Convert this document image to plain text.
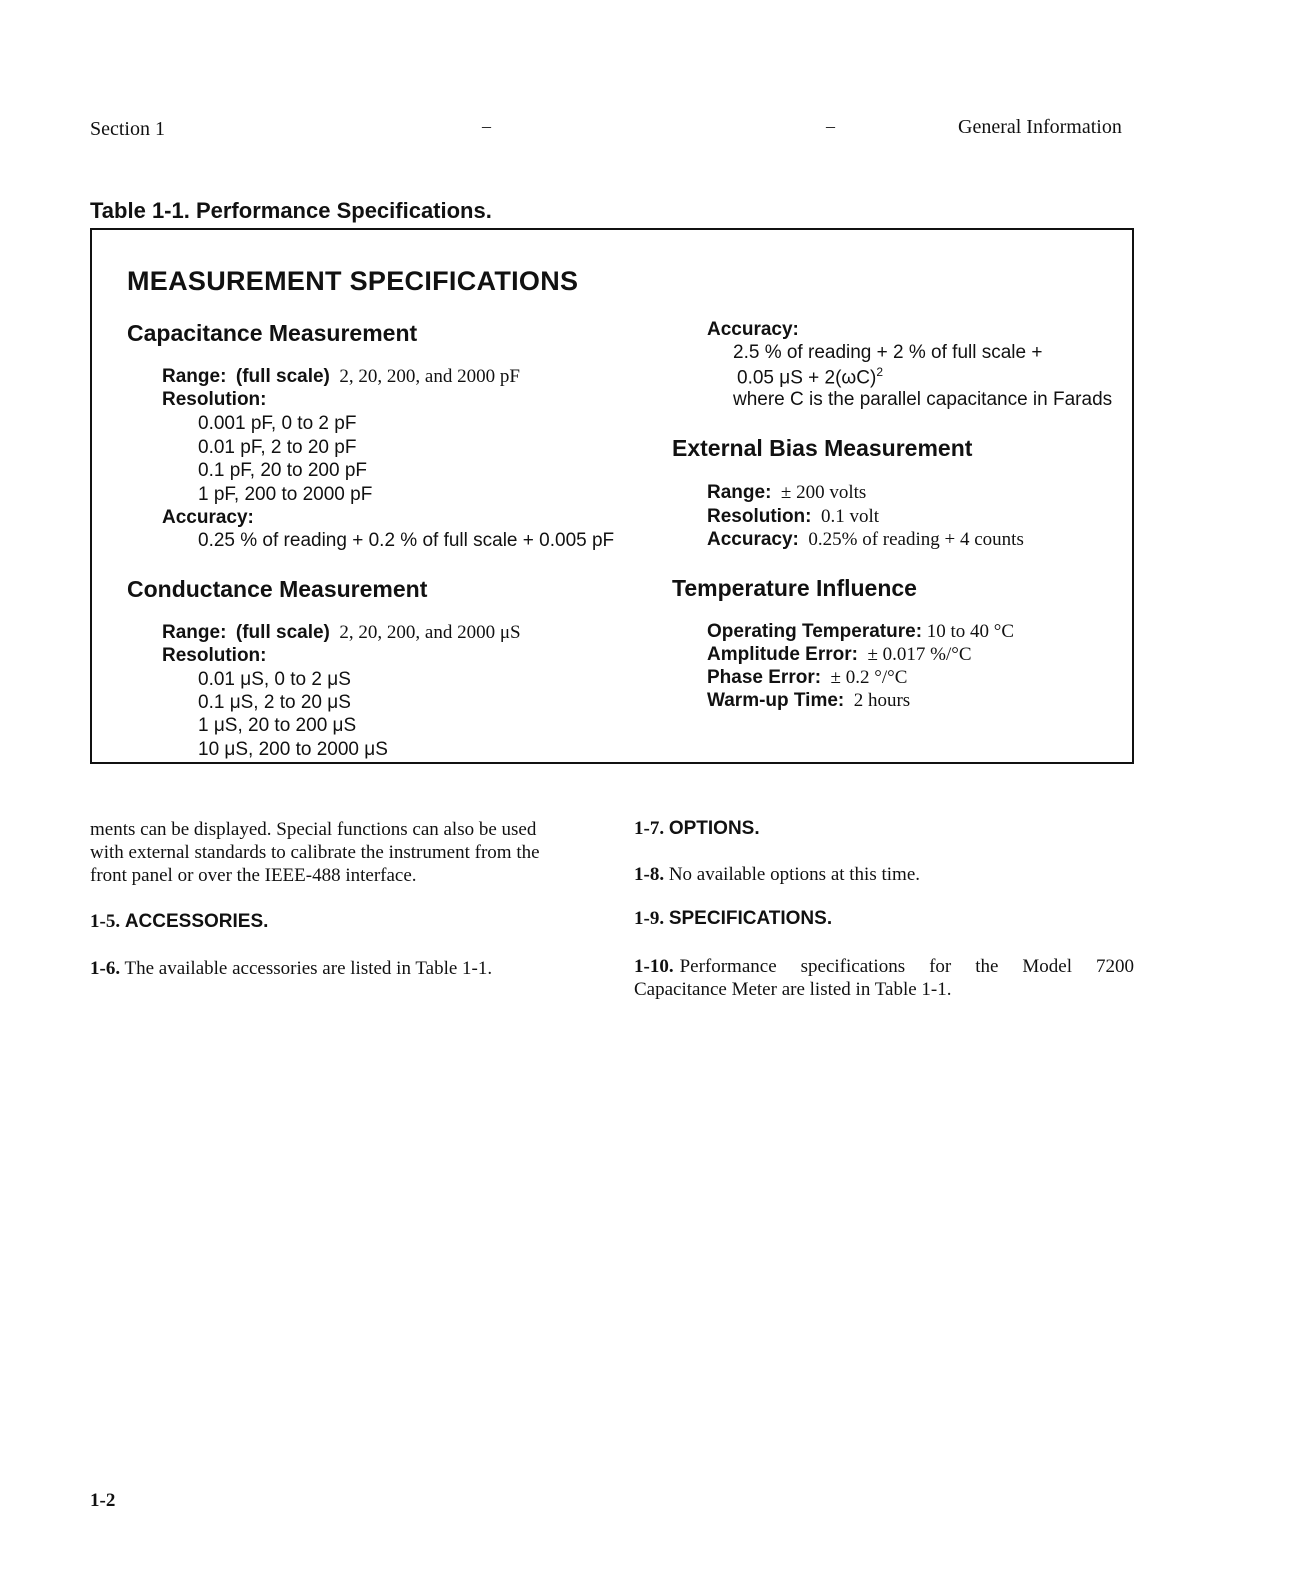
Section 1	–	–	General Information
Table 1-1. Performance Specifications.
MEASUREMENT SPECIFICATIONS
Capacitance Measurement
Range: (full scale) 2, 20, 200, and 2000 pF
Resolution:
0.001 pF, 0 to 2 pF
0.01 pF, 2 to 20 pF
0.1 pF, 20 to 200 pF
1 pF, 200 to 2000 pF
Accuracy:
0.25 % of reading + 0.2 % of full scale + 0.005 pF
Conductance Measurement
Range: (full scale) 2, 20, 200, and 2000 μS
Resolution:
0.01 μS, 0 to 2 μS
0.1 μS, 2 to 20 μS
1 μS, 20 to 200 μS
10 μS, 200 to 2000 μS
Accuracy:
2.5 % of reading + 2 % of full scale +
0.05 $\mu S + 2(\omega C)^2$
where C is the parallel capacitance in Farads
External Bias Measurement
Range: ± 200 volts
Resolution: 0.1 volt
Accuracy: 0.25% of reading + 4 counts
Temperature Influence
Operating Temperature: 10 to 40 °C
Amplitude Error: ± 0.017 %/°C
Phase Error: ± 0.2 °/°C
Warm-up Time: 2 hours
ments can be displayed. Special functions can also be used
with external standards to calibrate the instrument from the
front panel or over the IEEE-488 interface.
1-5. ACCESSORIES.
1-6. The available accessories are listed in Table 1-1.
1-7. OPTIONS.
1-8. No available options at this time.
1-9. SPECIFICATIONS.
1-10. Performance specifications for the Model 7200
Capacitance Meter are listed in Table 1-1.
1-2
